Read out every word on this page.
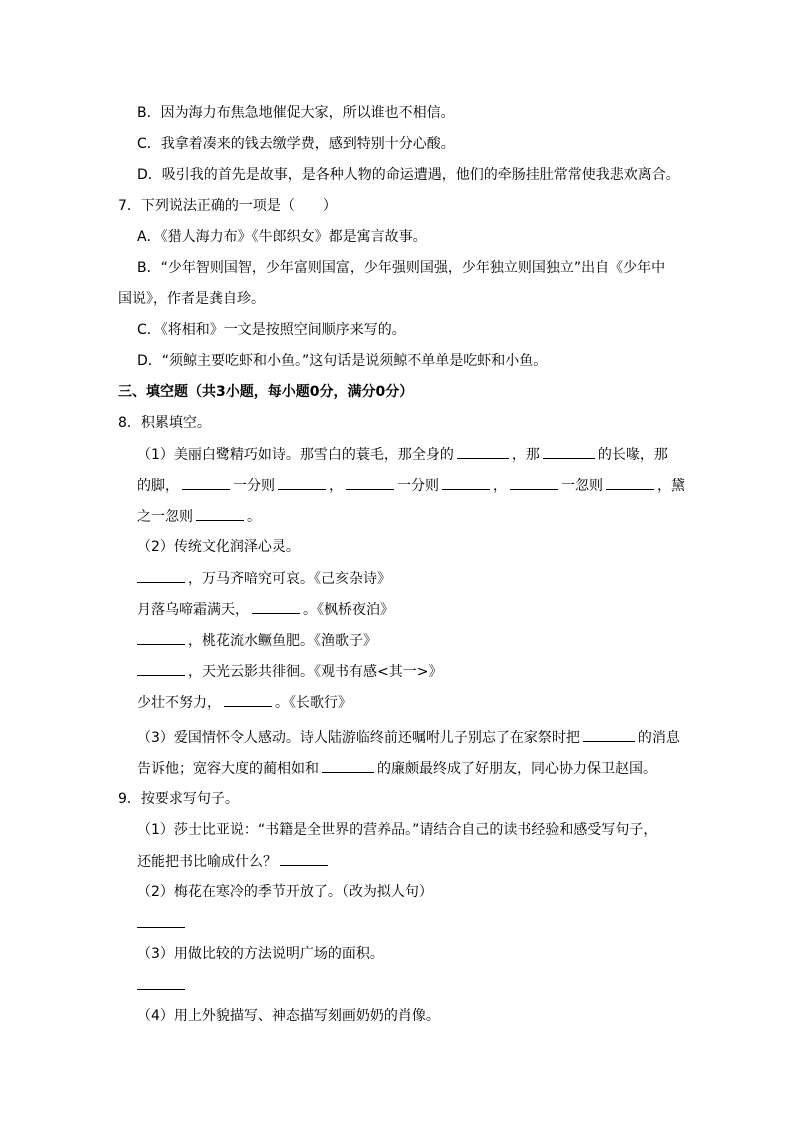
B．因为海力布焦急地催促大家，所以谁也不相信。
C．我拿着凑来的钱去缴学费，感到特别十分心酸。
D．吸引我的首先是故事，是各种人物的命运遭遇，他们的牵肠挂肚常常使我悲欢离合。
7．下列说法正确的一项是（　　）
A．《猎人海力布》《牛郎织女》都是寓言故事。
B．“少年智则国智，少年富则国富，少年强则国强，少年独立则国独立”出自《少年中
国说》，作者是龚自珍。
C．《将相和》一文是按照空间顺序来写的。
D．“须鲸主要吃虾和小鱼。”这句话是说须鲸不单单是吃虾和小鱼。
三、填空题（共3小题，每小题0分，满分0分）
8．积累填空。
（1）美丽白鹭精巧如诗。那雪白的蓑毛，那全身的	，那	的长喙，那
的脚，	一分则	，	一分则	，	一忽则	，黛
之一忽则	。
（2）传统文化润泽心灵。
，万马齐喑究可哀。《己亥杂诗》
月落乌啼霜满天，	。《枫桥夜泊》
，桃花流水鳜鱼肥。《渔歌子》
，天光云影共徘徊。《观书有感<其一>》
少壮不努力，	。《长歌行》
（3）爱国情怀令人感动。诗人陆游临终前还嘱咐儿子别忘了在家祭时把	的消息
告诉他；宽容大度的蔺相如和	的廉颇最终成了好朋友，同心协力保卫赵国。
9．按要求写句子。
（1）莎士比亚说：“书籍是全世界的营养品。”请结合自己的读书经验和感受写句子，
还能把书比喻成什么？
（2）梅花在寒冷的季节开放了。（改为拟人句）
（3）用做比较的方法说明广场的面积。
（4）用上外貌描写、神态描写刻画奶奶的肖像。
